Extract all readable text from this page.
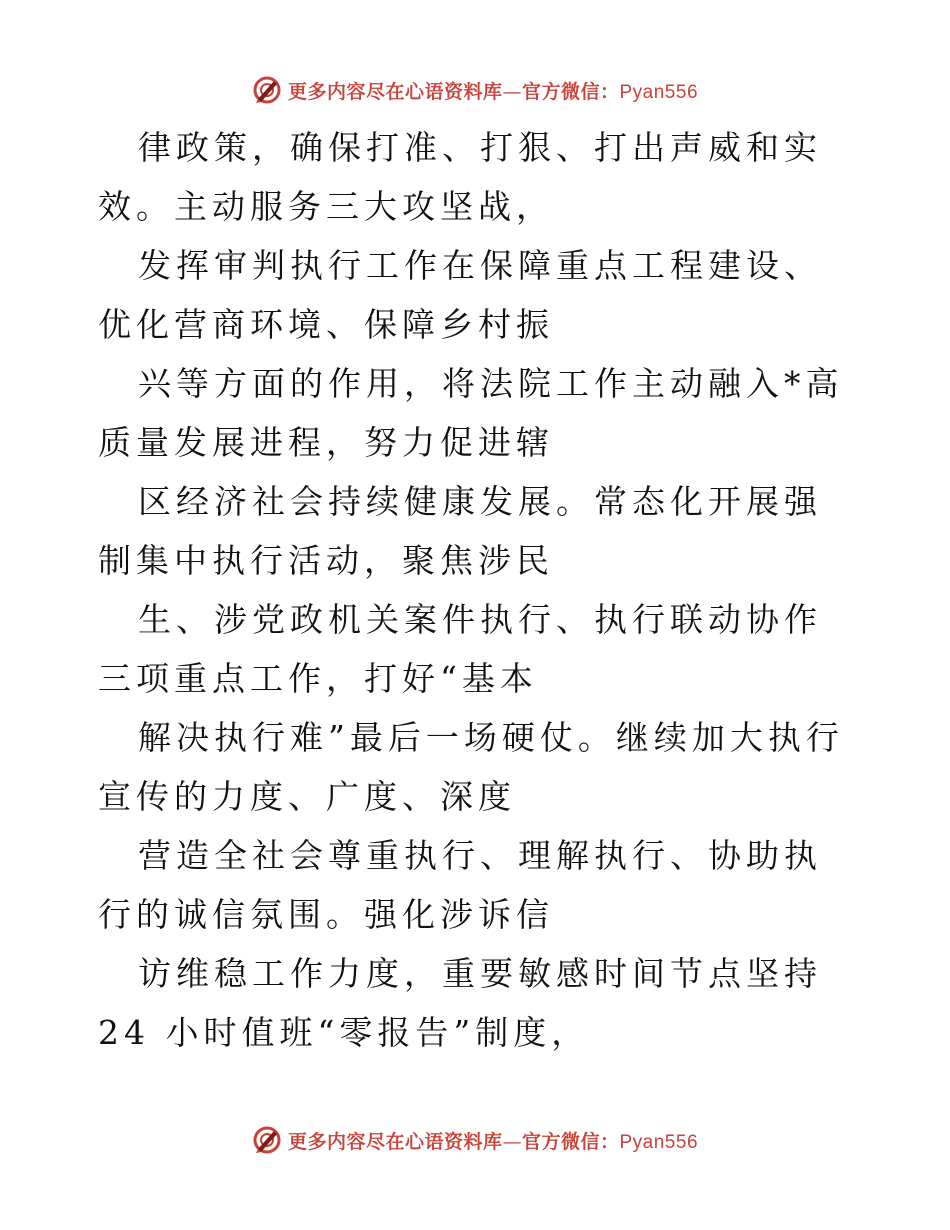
更多内容尽在心语资料库—官方微信：Pyan556

律政策，确保打准、打狠、打出声威和实效。主动服务三大攻坚战，

发挥审判执行工作在保障重点工程建设、优化营商环境、保障乡村振

兴等方面的作用，将法院工作主动融入*高质量发展进程，努力促进辖

区经济社会持续健康发展。常态化开展强制集中执行活动，聚焦涉民

生、涉党政机关案件执行、执行联动协作三项重点工作，打好“基本

解决执行难”最后一场硬仗。继续加大执行宣传的力度、广度、深度

营造全社会尊重执行、理解执行、协助执行的诚信氛围。强化涉诉信

访维稳工作力度，重要敏感时间节点坚持 24 小时值班“零报告”制度，

更多内容尽在心语资料库—官方微信：Pyan556
